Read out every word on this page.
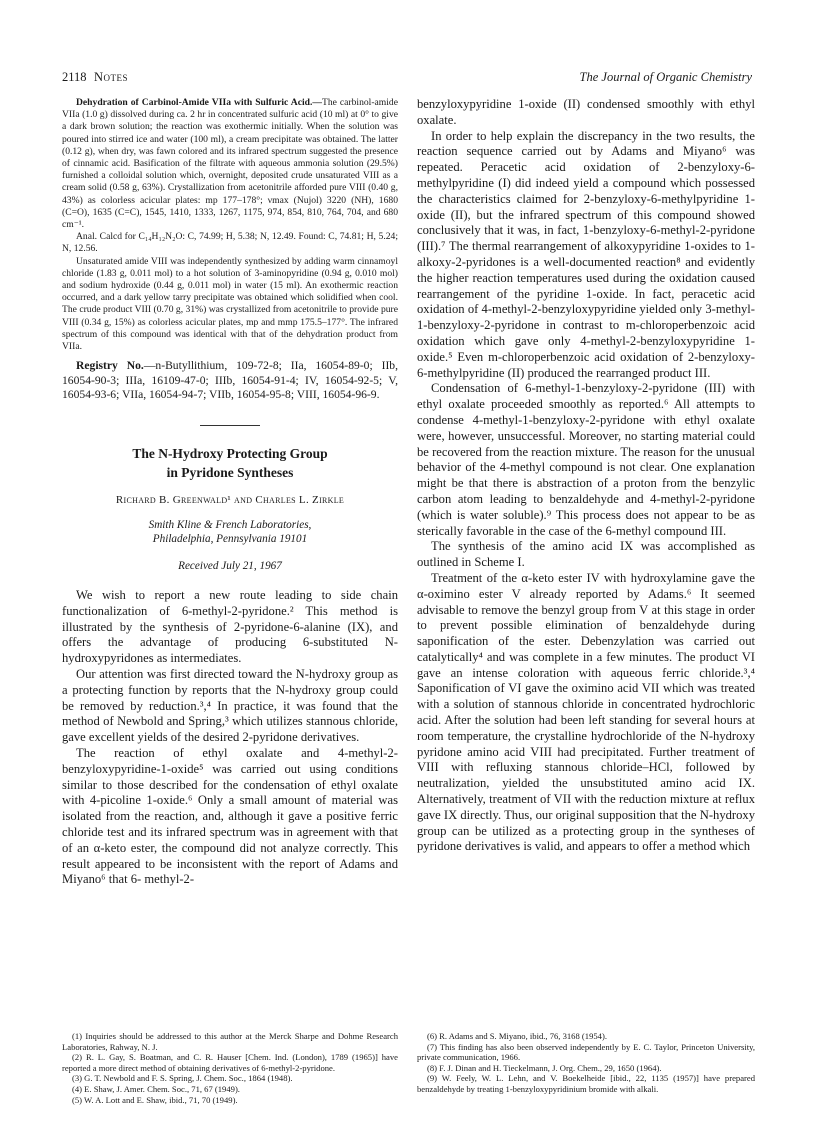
2118 Notes	The Journal of Organic Chemistry

Dehydration of Carbinol-Amide VIIa with Sulfuric Acid.—The carbinol-amide VIIa (1.0 g) dissolved during ca. 2 hr in concentrated sulfuric acid (10 ml) at 0° to give a dark brown solution; the reaction was exothermic initially. When the solution was poured into stirred ice and water (100 ml), a cream precipitate was obtained. The latter (0.12 g), when dry, was fawn colored and its infrared spectrum suggested the presence of cinnamic acid. Basification of the filtrate with aqueous ammonia solution (29.5%) furnished a colloidal solution which, overnight, deposited crude unsaturated VIII as a cream solid (0.58 g, 63%). Crystallization from acetonitrile afforded pure VIII (0.40 g, 43%) as colorless acicular plates: mp 177–178°; νmax (Nujol) 3220 (NH), 1680 (C=O), 1635 (C=C), 1545, 1410, 1333, 1267, 1175, 974, 854, 810, 764, 704, and 680 cm⁻¹.

Anal. Calcd for C₁₄H₁₂N₂O: C, 74.99; H, 5.38; N, 12.49. Found: C, 74.81; H, 5.24; N, 12.56.

Unsaturated amide VIII was independently synthesized by adding warm cinnamoyl chloride (1.83 g, 0.011 mol) to a hot solution of 3-aminopyridine (0.94 g, 0.010 mol) and sodium hydroxide (0.44 g, 0.011 mol) in water (15 ml). An exothermic reaction occurred, and a dark yellow tarry precipitate was obtained which solidified when cool. The crude product VIII (0.70 g, 31%) was crystallized from acetonitrile to provide pure VIII (0.34 g, 15%) as colorless acicular plates, mp and mmp 175.5–177°. The infrared spectrum of this compound was identical with that of the dehydration product from VIIa.

Registry No.—n-Butyllithium, 109-72-8; IIa, 16054-89-0; IIb, 16054-90-3; IIIa, 16109-47-0; IIIb, 16054-91-4; IV, 16054-92-5; V, 16054-93-6; VIIa, 16054-94-7; VIIb, 16054-95-8; VIII, 16054-96-9.

The N-Hydroxy Protecting Group

in Pyridone Syntheses

Richard B. Greenwald¹ and Charles L. Zirkle

Smith Kline & French Laboratories,
Philadelphia, Pennsylvania 19101

Received July 21, 1967

We wish to report a new route leading to side chain functionalization of 6-methyl-2-pyridone.² This method is illustrated by the synthesis of 2-pyridone-6-alanine (IX), and offers the advantage of producing 6-substituted N-hydroxypyridones as intermediates.

Our attention was first directed toward the N-hydroxy group as a protecting function by reports that the N-hydroxy group could be removed by reduction.³,⁴ In practice, it was found that the method of Newbold and Spring,³ which utilizes stannous chloride, gave excellent yields of the desired 2-pyridone derivatives.

The reaction of ethyl oxalate and 4-methyl-2-benzyloxypyridine-1-oxide⁵ was carried out using conditions similar to those described for the condensation of ethyl oxalate with 4-picoline 1-oxide.⁶ Only a small amount of material was isolated from the reaction, and, although it gave a positive ferric chloride test and its infrared spectrum was in agreement with that of an α-keto ester, the compound did not analyze correctly. This result appeared to be inconsistent with the report of Adams and Miyano⁶ that 6- methyl-2-

benzyloxypyridine 1-oxide (II) condensed smoothly with ethyl oxalate.

In order to help explain the discrepancy in the two results, the reaction sequence carried out by Adams and Miyano⁶ was repeated. Peracetic acid oxidation of 2-benzyloxy-6-methylpyridine (I) did indeed yield a compound which possessed the characteristics claimed for 2-benzyloxy-6-methylpyridine 1-oxide (II), but the infrared spectrum of this compound showed conclusively that it was, in fact, 1-benzyloxy-6-methyl-2-pyridone (III).⁷ The thermal rearrangement of alkoxypyridine 1-oxides to 1-alkoxy-2-pyridones is a well-documented reaction⁸ and evidently the higher reaction temperatures used during the oxidation caused rearrangement of the pyridine 1-oxide. In fact, peracetic acid oxidation of 4-methyl-2-benzyloxypyridine yielded only 3-methyl-1-benzyloxy-2-pyridone in contrast to m-chloroperbenzoic acid oxidation which gave only 4-methyl-2-benzyloxypyridine 1-oxide.⁵ Even m-chloroperbenzoic acid oxidation of 2-benzyloxy-6-methylpyridine (II) produced the rearranged product III.

Condensation of 6-methyl-1-benzyloxy-2-pyridone (III) with ethyl oxalate proceeded smoothly as reported.⁶ All attempts to condense 4-methyl-1-benzyloxy-2-pyridone with ethyl oxalate were, however, unsuccessful. Moreover, no starting material could be recovered from the reaction mixture. The reason for the unusual behavior of the 4-methyl compound is not clear. One explanation might be that there is abstraction of a proton from the benzylic carbon atom leading to benzaldehyde and 4-methyl-2-pyridone (which is water soluble).⁹ This process does not appear to be as sterically favorable in the case of the 6-methyl compound III.

The synthesis of the amino acid IX was accomplished as outlined in Scheme I.

Treatment of the α-keto ester IV with hydroxylamine gave the α-oximino ester V already reported by Adams.⁶ It seemed advisable to remove the benzyl group from V at this stage in order to prevent possible elimination of benzaldehyde during saponification of the ester. Debenzylation was carried out catalytically⁴ and was complete in a few minutes. The product VI gave an intense coloration with aqueous ferric chloride.³,⁴ Saponification of VI gave the oximino acid VII which was treated with a solution of stannous chloride in concentrated hydrochloric acid. After the solution had been left standing for several hours at room temperature, the crystalline hydrochloride of the N-hydroxy pyridone amino acid VIII had precipitated. Further treatment of VIII with refluxing stannous chloride–HCl, followed by neutralization, yielded the unsubstituted amino acid IX. Alternatively, treatment of VII with the reduction mixture at reflux gave IX directly. Thus, our original supposition that the N-hydroxy group can be utilized as a protecting group in the syntheses of pyridone derivatives is valid, and appears to offer a method which

(1) Inquiries should be addressed to this author at the Merck Sharpe and Dohme Research Laboratories, Rahway, N. J.
(2) R. L. Gay, S. Boatman, and C. R. Hauser [Chem. Ind. (London), 1789 (1965)] have reported a more direct method of obtaining derivatives of 6-methyl-2-pyridone.
(3) G. T. Newbold and F. S. Spring, J. Chem. Soc., 1864 (1948).
(4) E. Shaw, J. Amer. Chem. Soc., 71, 67 (1949).
(5) W. A. Lott and E. Shaw, ibid., 71, 70 (1949).
(6) R. Adams and S. Miyano, ibid., 76, 3168 (1954).
(7) This finding has also been observed independently by E. C. Taylor, Princeton University, private communication, 1966.
(8) F. J. Dinan and H. Tieckelmann, J. Org. Chem., 29, 1650 (1964).
(9) W. Feely, W. L. Lehn, and V. Boekelheide [ibid., 22, 1135 (1957)] have prepared benzaldehyde by treating 1-benzyloxypyridinium bromide with alkali.
